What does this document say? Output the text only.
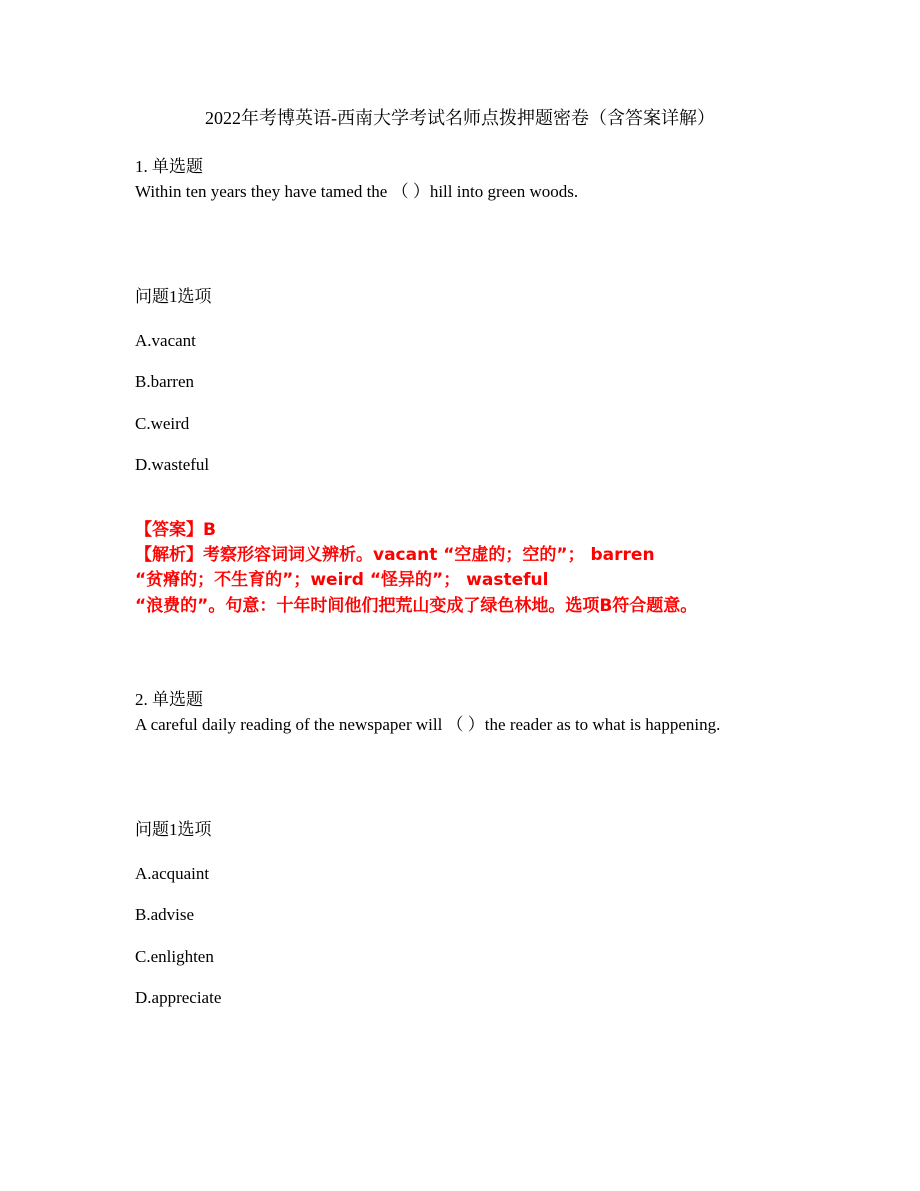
2022年考博英语-西南大学考试名师点拨押题密卷（含答案详解）
1. 单选题
Within ten years they have tamed the （ ）hill into green woods.
问题1选项
A.vacant
B.barren
C.weird
D.wasteful
【答案】B
【解析】考察形容词词义辨析。vacant “空虚的；空的”； barren
“贫瘠的；不生育的”；weird “怪异的”； wasteful
“浪费的”。句意：十年时间他们把荒山变成了绿色林地。选项B符合题意。
2. 单选题
A careful daily reading of the newspaper will （ ）the reader as to what is happening.
问题1选项
A.acquaint
B.advise
C.enlighten
D.appreciate
